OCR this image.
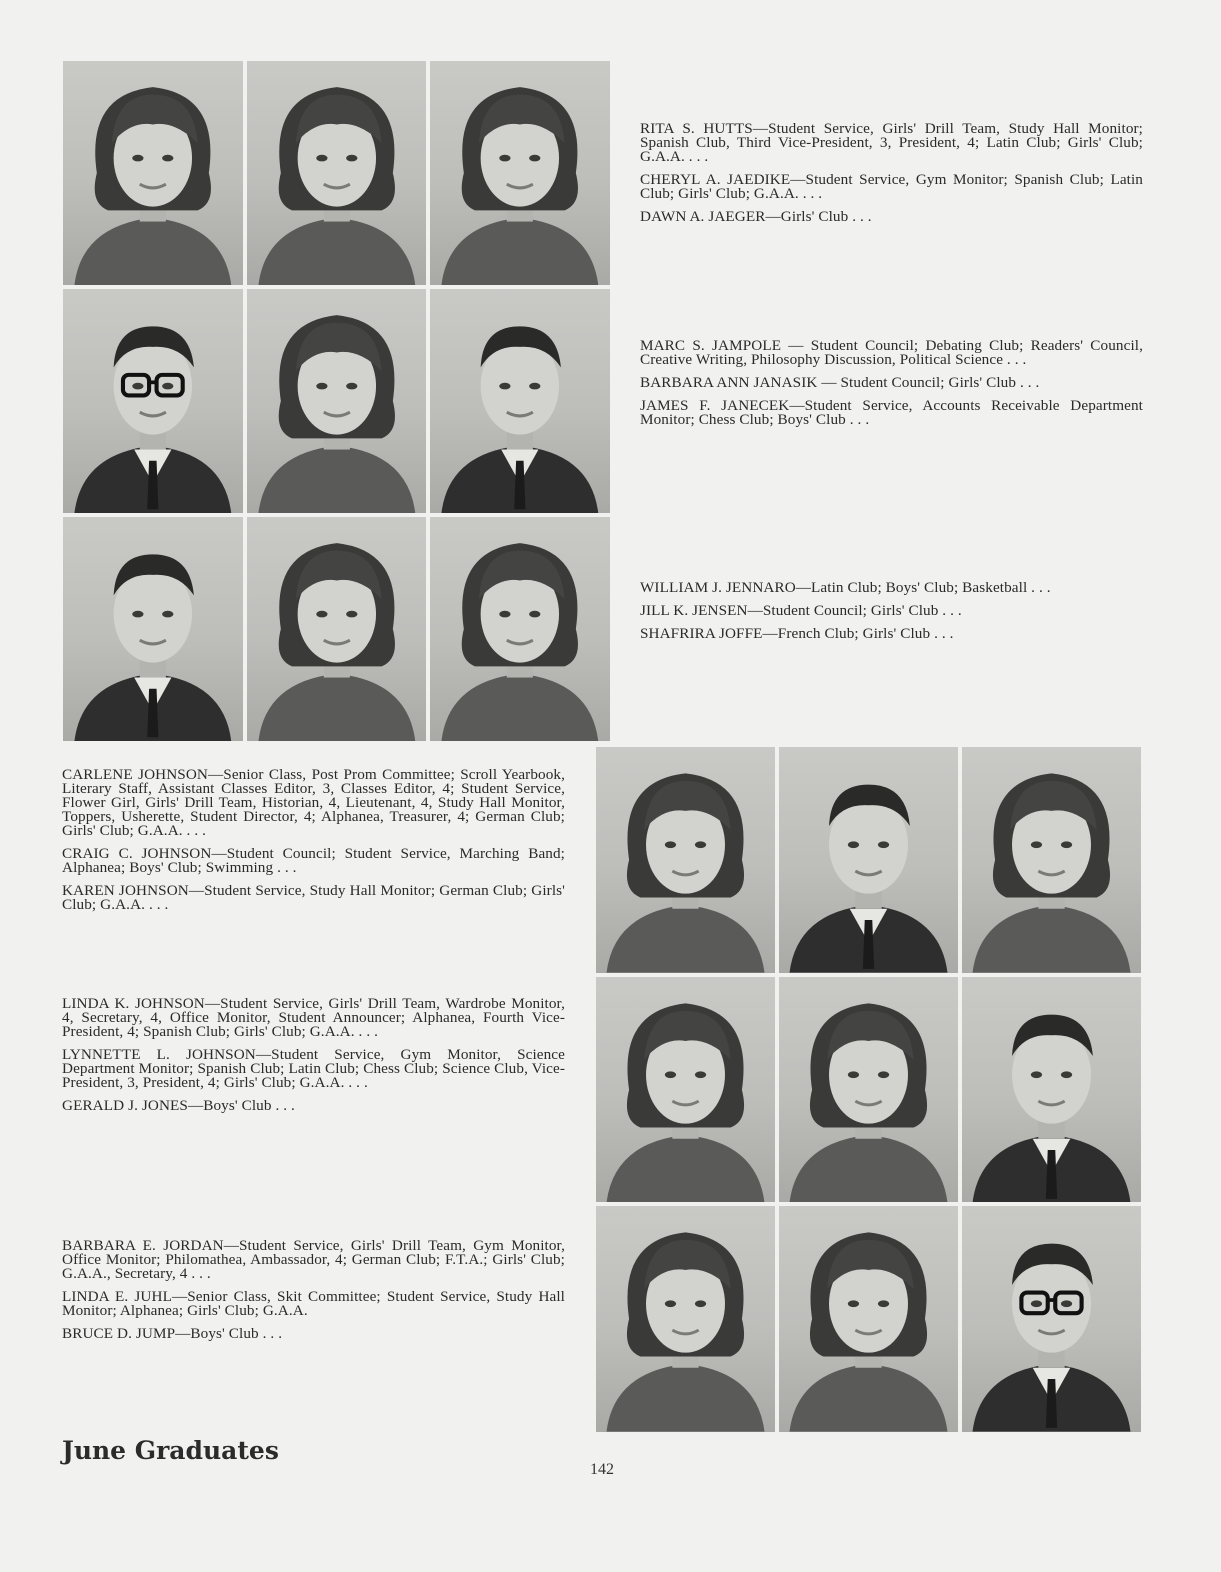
RITA S. HUTTS—Student Service, Girls' Drill Team, Study Hall Monitor; Spanish Club, Third Vice-President, 3, President, 4; Latin Club; Girls' Club; G.A.A. . . .

CHERYL A. JAEDIKE—Student Service, Gym Monitor; Spanish Club; Latin Club; Girls' Club; G.A.A. . . .

DAWN A. JAEGER—Girls' Club . . .

MARC S. JAMPOLE — Student Council; Debating Club; Readers' Council, Creative Writing, Philosophy Discussion, Political Science . . .

BARBARA ANN JANASIK — Student Council; Girls' Club . . .

JAMES F. JANECEK—Student Service, Accounts Receivable Department Monitor; Chess Club; Boys' Club . . .

WILLIAM J. JENNARO—Latin Club; Boys' Club; Basketball . . .

JILL K. JENSEN—Student Council; Girls' Club . . .

SHAFRIRA JOFFE—French Club; Girls' Club . . .

CARLENE JOHNSON—Senior Class, Post Prom Committee; Scroll Yearbook, Literary Staff, Assistant Classes Editor, 3, Classes Editor, 4; Student Service, Flower Girl, Girls' Drill Team, Historian, 4, Lieutenant, 4, Study Hall Monitor, Toppers, Usherette, Student Director, 4; Alphanea, Treasurer, 4; German Club; Girls' Club; G.A.A. . . .

CRAIG C. JOHNSON—Student Council; Student Service, Marching Band; Alphanea; Boys' Club; Swimming . . .

KAREN JOHNSON—Student Service, Study Hall Monitor; German Club; Girls' Club; G.A.A. . . .

LINDA K. JOHNSON—Student Service, Girls' Drill Team, Wardrobe Monitor, 4, Secretary, 4, Office Monitor, Student Announcer; Alphanea, Fourth Vice-President, 4; Spanish Club; Girls' Club; G.A.A. . . .

LYNNETTE L. JOHNSON—Student Service, Gym Monitor, Science Department Monitor; Spanish Club; Latin Club; Chess Club; Science Club, Vice-President, 3, President, 4; Girls' Club; G.A.A. . . .

GERALD J. JONES—Boys' Club . . .

BARBARA E. JORDAN—Student Service, Girls' Drill Team, Gym Monitor, Office Monitor; Philomathea, Ambassador, 4; German Club; F.T.A.; Girls' Club; G.A.A., Secretary, 4 . . .

LINDA E. JUHL—Senior Class, Skit Committee; Student Service, Study Hall Monitor; Alphanea; Girls' Club; G.A.A.

BRUCE D. JUMP—Boys' Club . . .

June Graduates
142
